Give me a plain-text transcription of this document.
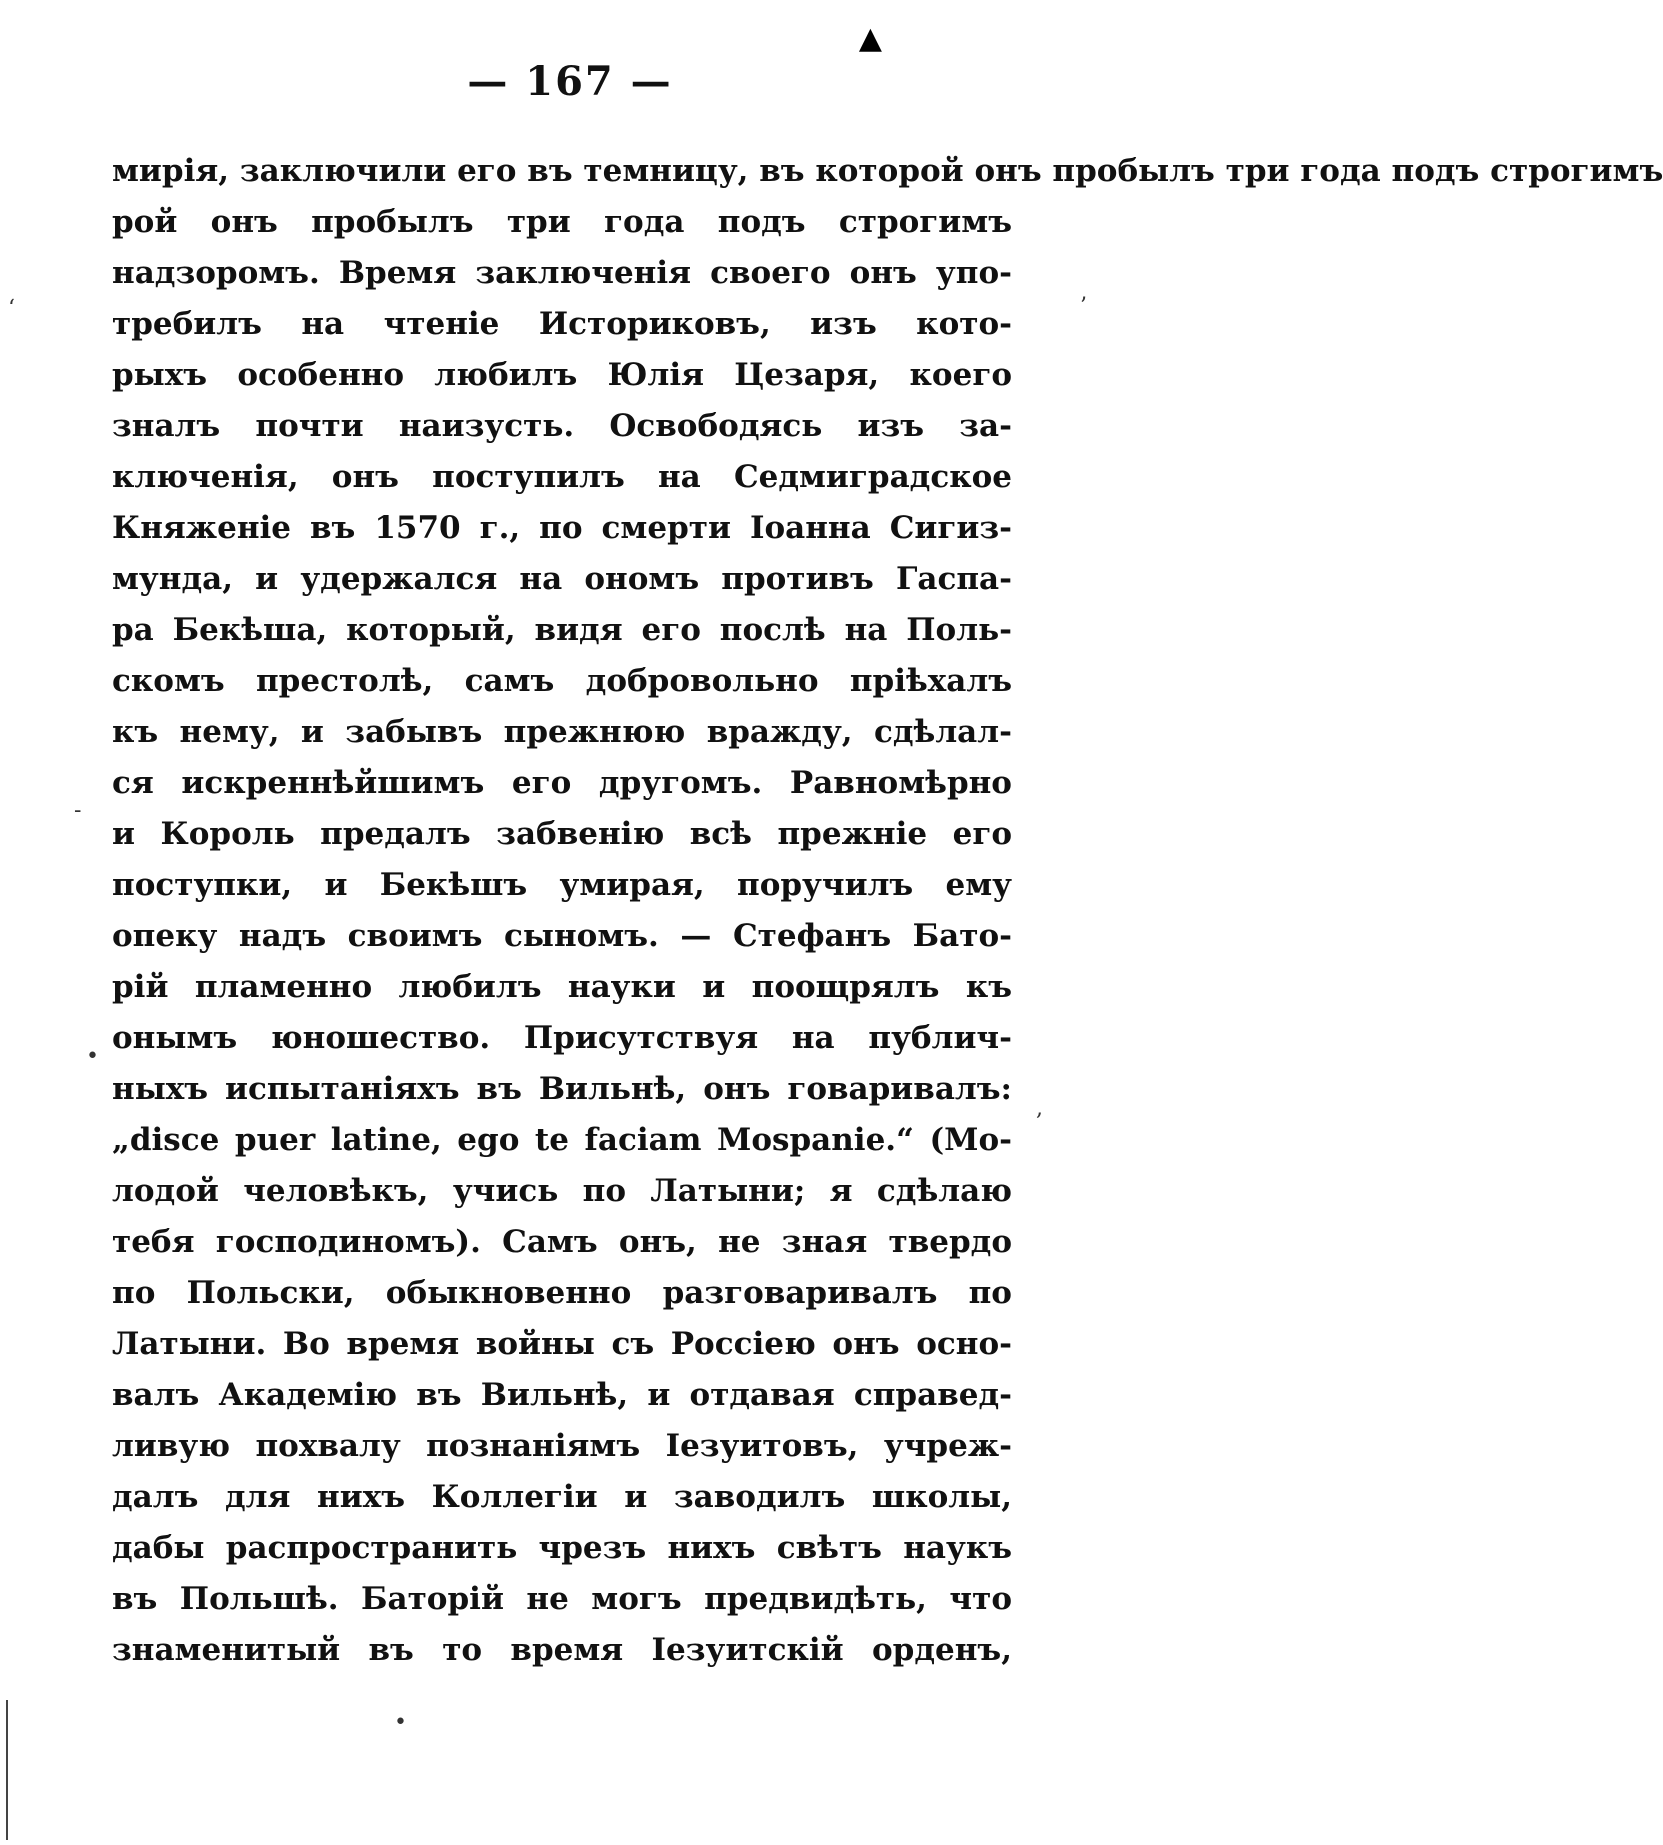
▲
— 167 —
мирія, заключили его въ темницу, въ которой онъ пробылъ три года подъ строгимъ
рой онъ пробылъ три года подъ строгимъ
надзоромъ. Время заключенія своего онъ упо-
требилъ на чтеніе Историковъ, изъ кото-
рыхъ особенно любилъ Юлія Цезаря, коего
зналъ почти наизусть. Освободясь изъ за-
ключенія, онъ поступилъ на Седмиградское
Княженіе въ 1570 г., по смерти Іоанна Сигиз-
мунда, и удержался на ономъ противъ Гаспа-
ра Бекѣша, который, видя его послѣ на Поль-
скомъ престолѣ, самъ добровольно пріѣхалъ
къ нему, и забывъ прежнюю вражду, сдѣлал-
ся искреннѣйшимъ его другомъ. Равномѣрно
и Король предалъ забвенію всѣ прежніе его
поступки, и Бекѣшъ умирая, поручилъ ему
опеку надъ своимъ сыномъ. — Стефанъ Бато-
рій пламенно любилъ науки и поощрялъ къ
онымъ юношество. Присутствуя на публич-
ныхъ испытаніяхъ въ Вильнѣ, онъ говаривалъ:
„disce puer latine, ego te faciam Mospanie.“ (Мо-
лодой человѣкъ, учись по Латыни; я сдѣлаю
тебя господиномъ). Самъ онъ, не зная твердо
по Польски, обыкновенно разговаривалъ по
Латыни. Во время войны съ Россіею онъ осно-
валъ Академію въ Вильнѣ, и отдавая справед-
ливую похвалу познаніямъ Іезуитовъ, учреж-
далъ для нихъ Коллегіи и заводилъ школы,
дабы распространить чрезъ нихъ свѣтъ наукъ
въ Польшѣ. Баторій не могъ предвидѣть, что
знаменитый въ то время Іезуитскій орденъ,
‘	’
-
•
,
•
